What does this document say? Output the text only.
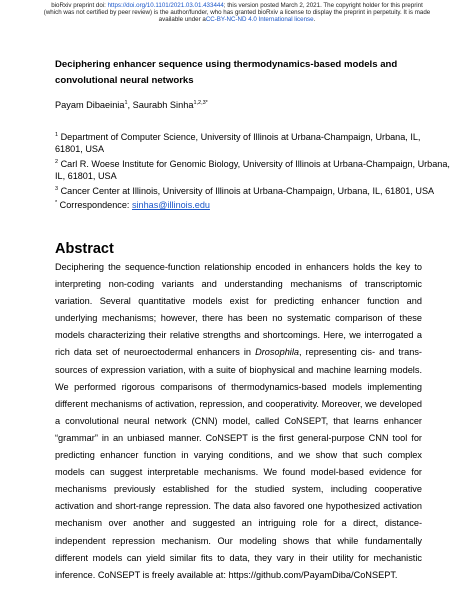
bioRxiv preprint doi: https://doi.org/10.1101/2021.03.01.433444; this version posted March 2, 2021. The copyright holder for this preprint
(which was not certified by peer review) is the author/funder, who has granted bioRxiv a license to display the preprint in perpetuity. It is made
available under aCC-BY-NC-ND 4.0 International license.
Deciphering enhancer sequence using thermodynamics-based models and convolutional neural networks
Payam Dibaeinia$^1$, Saurabh Sinha$^{1,2,3*}$
$^1$ Department of Computer Science, University of Illinois at Urbana-Champaign, Urbana, IL, 61801, USA
$^2$ Carl R. Woese Institute for Genomic Biology, University of Illinois at Urbana-Champaign, Urbana, IL, 61801, USA
$^3$ Cancer Center at Illinois, University of Illinois at Urbana-Champaign, Urbana, IL, 61801, USA
* Correspondence: sinhas@illinois.edu
Abstract
Deciphering the sequence-function relationship encoded in enhancers holds the key to interpreting non-coding variants and understanding mechanisms of transcriptomic variation. Several quantitative models exist for predicting enhancer function and underlying mechanisms; however, there has been no systematic comparison of these models characterizing their relative strengths and shortcomings. Here, we interrogated a rich data set of neuroectodermal enhancers in Drosophila, representing cis- and trans- sources of expression variation, with a suite of biophysical and machine learning models. We performed rigorous comparisons of thermodynamics-based models implementing different mechanisms of activation, repression, and cooperativity. Moreover, we developed a convolutional neural network (CNN) model, called CoNSEPT, that learns enhancer “grammar” in an unbiased manner. CoNSEPT is the first general-purpose CNN tool for predicting enhancer function in varying conditions, and we show that such complex models can suggest interpretable mechanisms. We found model-based evidence for mechanisms previously established for the studied system, including cooperative activation and short-range repression. The data also favored one hypothesized activation mechanism over another and suggested an intriguing role for a direct, distance-independent repression mechanism. Our modeling shows that while fundamentally different models can yield similar fits to data, they vary in their utility for mechanistic inference. CoNSEPT is freely available at: https://github.com/PayamDiba/CoNSEPT.
